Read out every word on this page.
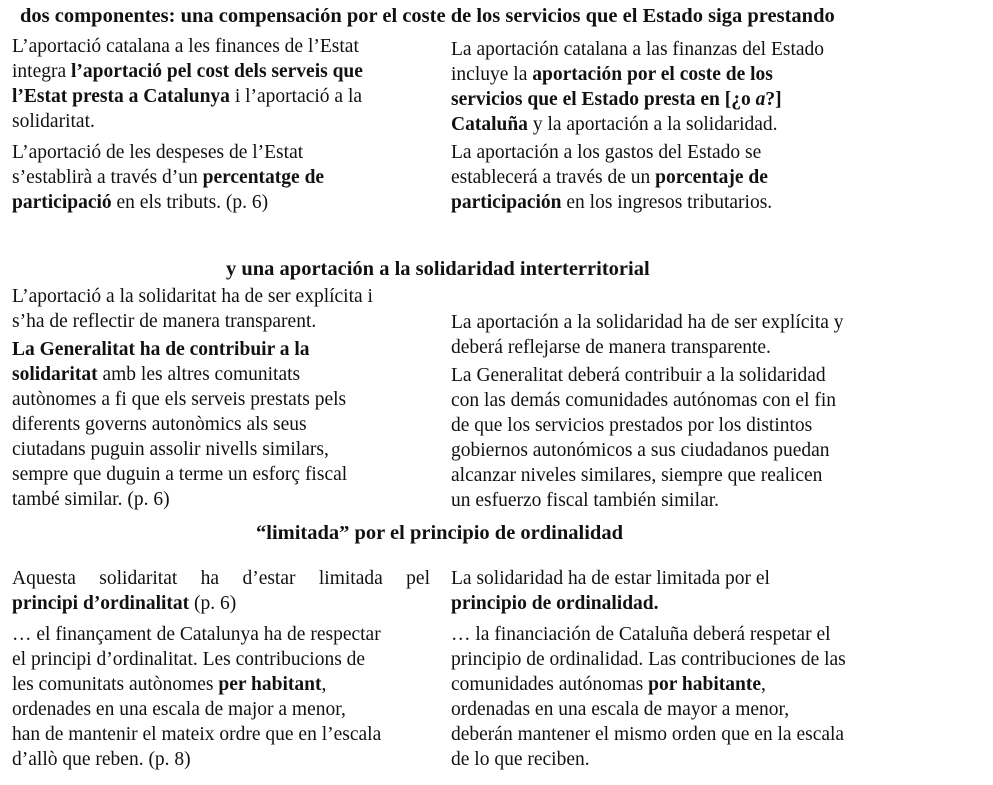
dos componentes: una compensación por el coste de los servicios que el Estado siga prestando
L’aportació catalana a les finances de l’Estat
integra l’aportació pel cost dels serveis que
l’Estat presta a Catalunya i l’aportació a la
solidaritat.
L’aportació de les despeses de l’Estat
s’establirà a través d’un percentatge de
participació en els tributs. (p. 6)
La aportación catalana a las finanzas del Estado
incluye la aportación por el coste de los
servicios que el Estado presta en [¿o a?]
Cataluña y la aportación a la solidaridad.
La aportación a los gastos del Estado se
establecerá a través de un porcentaje de
participación en los ingresos tributarios.
y una aportación a la solidaridad interterritorial
L’aportació a la solidaritat ha de ser explícita i
s’ha de reflectir de manera transparent.
La Generalitat ha de contribuir a la
solidaritat amb les altres comunitats
autònomes a fi que els serveis prestats pels
diferents governs autonòmics als seus
ciutadans puguin assolir nivells similars,
sempre que duguin a terme un esforç fiscal
també similar. (p. 6)
La aportación a la solidaridad ha de ser explícita y
deberá reflejarse de manera transparente.
La Generalitat deberá contribuir a la solidaridad
con las demás comunidades autónomas con el fin
de que los servicios prestados por los distintos
gobiernos autonómicos a sus ciudadanos puedan
alcanzar niveles similares, siempre que realicen
un esfuerzo fiscal también similar.
“limitada” por el principio de ordinalidad
Aquesta solidaritat ha d’estar limitada pel
principi d’ordinalitat (p. 6)
… el finançament de Catalunya ha de respectar
el principi d’ordinalitat. Les contribucions de
les comunitats autònomes per habitant,
ordenades en una escala de major a menor,
han de mantenir el mateix ordre que en l’escala
d’allò que reben. (p. 8)
La solidaridad ha de estar limitada por el
principio de ordinalidad.
… la financiación de Cataluña deberá respetar el
principio de ordinalidad. Las contribuciones de las
comunidades autónomas por habitante,
ordenadas en una escala de mayor a menor,
deberán mantener el mismo orden que en la escala
de lo que reciben.
